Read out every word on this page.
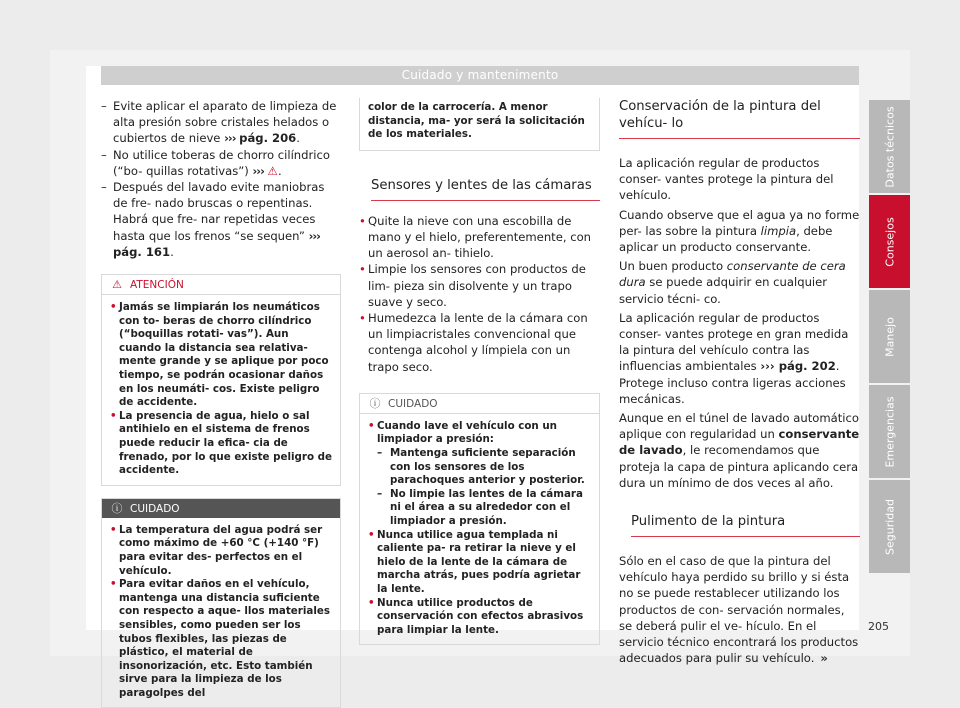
Cuidado y mantenimento
– Evite aplicar el aparato de limpieza de alta presión sobre cristales helados o cubiertos de nieve ››› pág. 206.
– No utilice toberas de chorro cilíndrico (“bo- quillas rotativas”) ››› ⚠.
– Después del lavado evite maniobras de fre- nado bruscas o repentinas. Habrá que fre- nar repetidas veces hasta que los frenos “se sequen” ››› pág. 161.
⚠ ATENCIÓN
• Jamás se limpiarán los neumáticos con to- beras de chorro cilíndrico (“boquillas rotati- vas”). Aun cuando la distancia sea relativa- mente grande y se aplique por poco tiempo, se podrán ocasionar daños en los neumáti- cos. Existe peligro de accidente.
• La presencia de agua, hielo o sal antihielo en el sistema de frenos puede reducir la efica- cia de frenado, por lo que existe peligro de accidente.
ⓘ CUIDADO
• La temperatura del agua podrá ser como máximo de +60 °C (+140 °F) para evitar des- perfectos en el vehículo.
• Para evitar daños en el vehículo, mantenga una distancia suficiente con respecto a aque- llos materiales sensibles, como pueden ser los tubos flexibles, las piezas de plástico, el material de insonorización, etc. Esto también sirve para la limpieza de los paragolpes del
color de la carrocería. A menor distancia, ma- yor será la solicitación de los materiales.
Sensores y lentes de las cámaras
• Quite la nieve con una escobilla de mano y el hielo, preferentemente, con un aerosol an- tihielo.
• Limpie los sensores con productos de lim- pieza sin disolvente y un trapo suave y seco.
• Humedezca la lente de la cámara con un limpiacristales convencional que contenga alcohol y límpiela con un trapo seco.
ⓘ CUIDADO
• Cuando lave el vehículo con un limpiador a presión:
– Mantenga suficiente separación con los sensores de los parachoques anterior y posterior.
– No limpie las lentes de la cámara ni el área a su alrededor con el limpiador a presión.
• Nunca utilice agua templada ni caliente pa- ra retirar la nieve y el hielo de la lente de la cámara de marcha atrás, pues podría agrietar la lente.
• Nunca utilice productos de conservación con efectos abrasivos para limpiar la lente.
Conservación de la pintura del vehícu- lo

La aplicación regular de productos conser- vantes protege la pintura del vehículo.

Cuando observe que el agua ya no forme per- las sobre la pintura limpia, debe aplicar un producto conservante.

Un buen producto conservante de cera dura se puede adquirir en cualquier servicio técni- co.

La aplicación regular de productos conser- vantes protege en gran medida la pintura del vehículo contra las influencias ambientales ››› pág. 202. Protege incluso contra ligeras acciones mecánicas.

Aunque en el túnel de lavado automático aplique con regularidad un conservante de lavado, le recomendamos que proteja la capa de pintura aplicando cera dura un mínimo de dos veces al año.

Pulimento de la pintura

Sólo en el caso de que la pintura del vehículo haya perdido su brillo y si ésta no se puede restablecer utilizando los productos de con- servación normales, se deberá pulir el ve- hículo. En el servicio técnico encontrará los productos adecuados para pulir su vehículo. »

Datos técnicos
Consejos
Manejo
Emergencias
Seguridad
205
